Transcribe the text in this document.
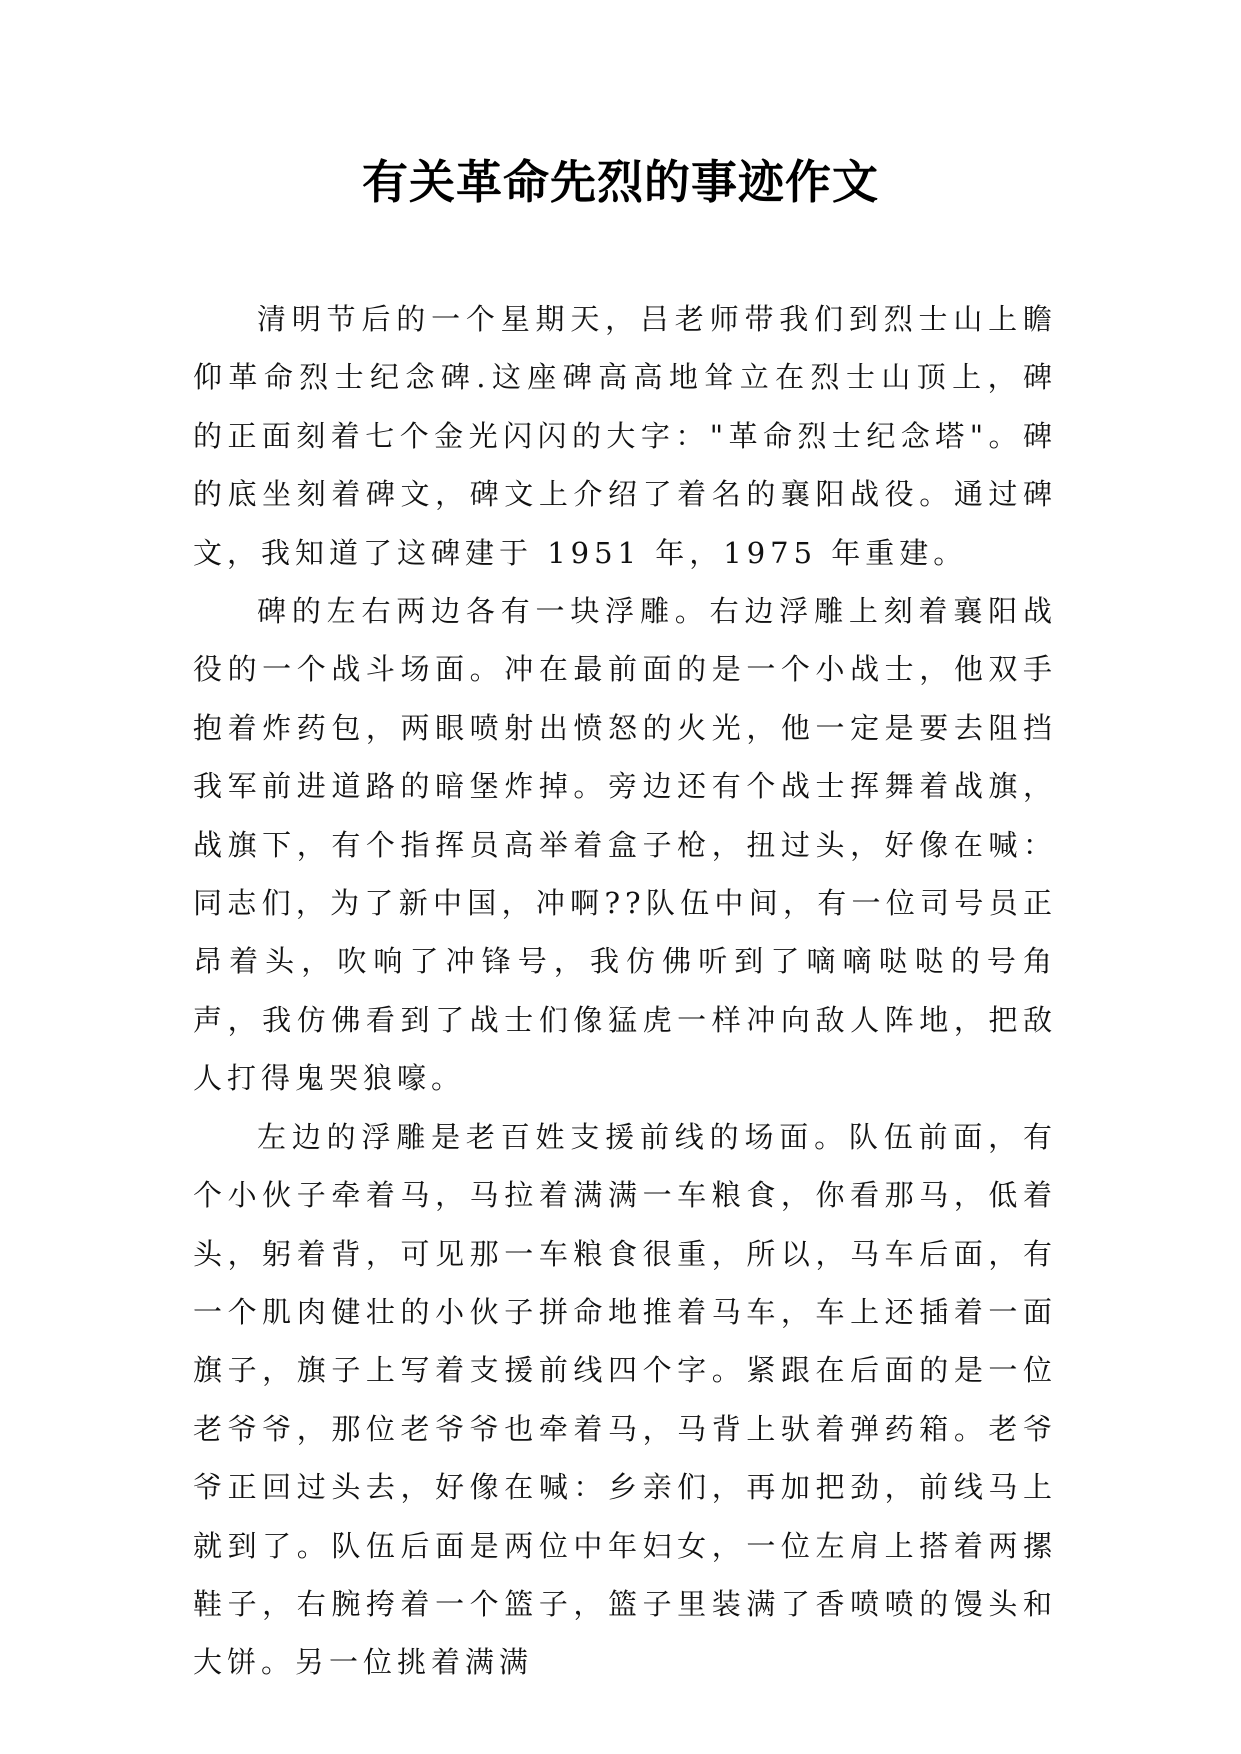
有关革命先烈的事迹作文

清明节后的一个星期天，吕老师带我们到烈士山上瞻仰革命烈士纪念碑.这座碑高高地耸立在烈士山顶上，碑的正面刻着七个金光闪闪的大字："革命烈士纪念塔"。碑的底坐刻着碑文，碑文上介绍了着名的襄阳战役。通过碑文，我知道了这碑建于 1951 年，1975 年重建。

碑的左右两边各有一块浮雕。右边浮雕上刻着襄阳战役的一个战斗场面。冲在最前面的是一个小战士，他双手抱着炸药包，两眼喷射出愤怒的火光，他一定是要去阻挡我军前进道路的暗堡炸掉。旁边还有个战士挥舞着战旗，战旗下，有个指挥员高举着盒子枪，扭过头，好像在喊：同志们，为了新中国，冲啊??队伍中间，有一位司号员正昂着头，吹响了冲锋号，我仿佛听到了嘀嘀哒哒的号角声，我仿佛看到了战士们像猛虎一样冲向敌人阵地，把敌人打得鬼哭狼嚎。

左边的浮雕是老百姓支援前线的场面。队伍前面，有个小伙子牵着马，马拉着满满一车粮食，你看那马，低着头，躬着背，可见那一车粮食很重，所以，马车后面，有一个肌肉健壮的小伙子拼命地推着马车，车上还插着一面旗子，旗子上写着支援前线四个字。紧跟在后面的是一位老爷爷，那位老爷爷也牵着马，马背上驮着弹药箱。老爷爷正回过头去，好像在喊：乡亲们，再加把劲，前线马上就到了。队伍后面是两位中年妇女，一位左肩上搭着两摞鞋子，右腕挎着一个篮子，篮子里装满了香喷喷的馒头和大饼。另一位挑着满满
